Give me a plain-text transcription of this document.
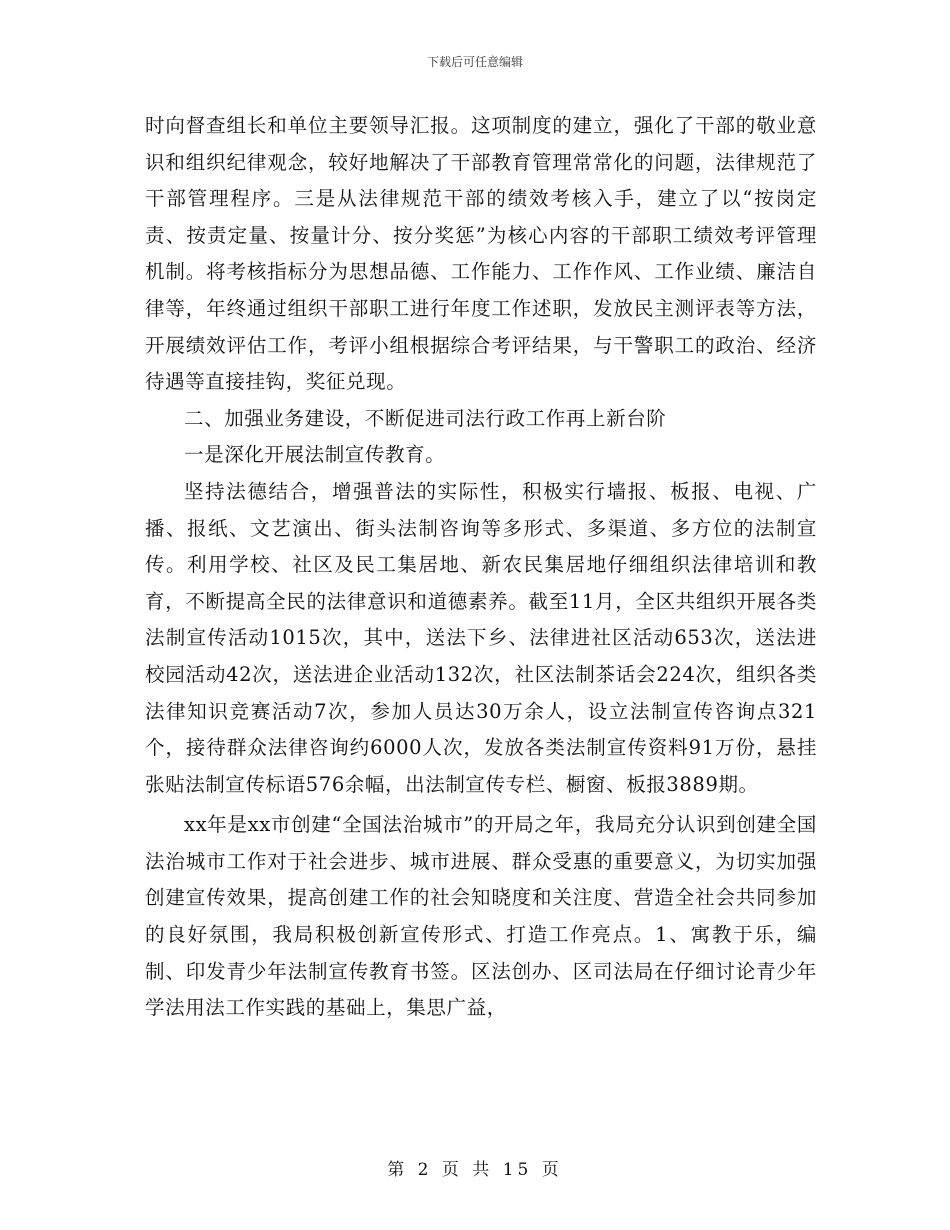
下载后可任意编辑

时向督查组长和单位主要领导汇报。这项制度的建立，强化了干部的敬业意识和组织纪律观念，较好地解决了干部教育管理常常化的问题，法律规范了干部管理程序。三是从法律规范干部的绩效考核入手，建立了以“按岗定责、按责定量、按量计分、按分奖惩”为核心内容的干部职工绩效考评管理机制。将考核指标分为思想品德、工作能力、工作作风、工作业绩、廉洁自律等，年终通过组织干部职工进行年度工作述职，发放民主测评表等方法，开展绩效评估工作，考评小组根据综合考评结果，与干警职工的政治、经济待遇等直接挂钩，奖征兑现。

二、加强业务建设，不断促进司法行政工作再上新台阶

一是深化开展法制宣传教育。

坚持法德结合，增强普法的实际性，积极实行墙报、板报、电视、广播、报纸、文艺演出、街头法制咨询等多形式、多渠道、多方位的法制宣传。利用学校、社区及民工集居地、新农民集居地仔细组织法律培训和教育，不断提高全民的法律意识和道德素养。截至11月，全区共组织开展各类法制宣传活动1015次，其中，送法下乡、法律进社区活动653次，送法进校园活动42次，送法进企业活动132次，社区法制茶话会224次，组织各类法律知识竞赛活动7次，参加人员达30万余人，设立法制宣传咨询点321个，接待群众法律咨询约6000人次，发放各类法制宣传资料91万份，悬挂张贴法制宣传标语576余幅，出法制宣传专栏、橱窗、板报3889期。

xx年是xx市创建“全国法治城市”的开局之年，我局充分认识到创建全国法治城市工作对于社会进步、城市进展、群众受惠的重要意义，为切实加强创建宣传效果，提高创建工作的社会知晓度和关注度、营造全社会共同参加的良好氛围，我局积极创新宣传形式、打造工作亮点。1、寓教于乐，编制、印发青少年法制宣传教育书签。区法创办、区司法局在仔细讨论青少年学法用法工作实践的基础上，集思广益，

第 2 页 共 15 页
